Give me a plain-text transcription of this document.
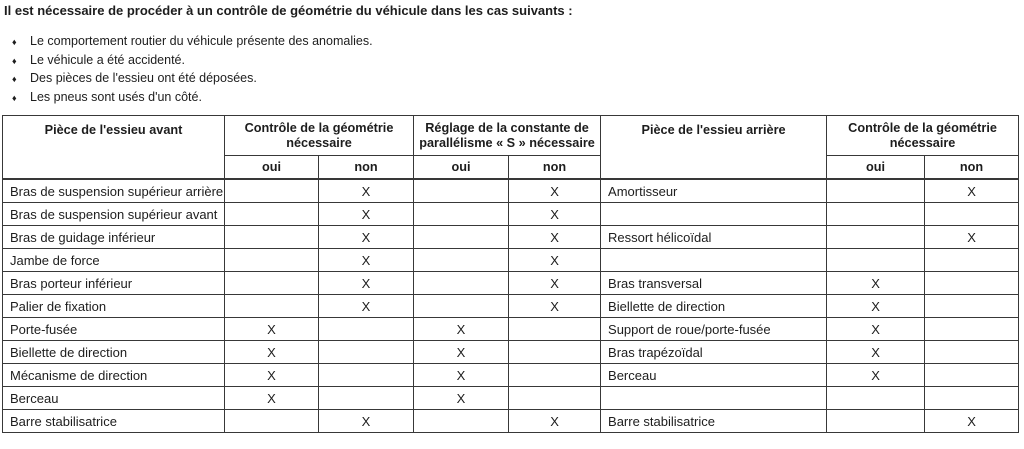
Il est nécessaire de procéder à un contrôle de géométrie du véhicule dans les cas suivants :

♦	Le comportement routier du véhicule présente des anomalies.
♦	Le véhicule a été accidenté.
♦	Des pièces de l'essieu ont été déposées.
♦	Les pneus sont usés d'un côté.
Pièce de l'essieu avant	Contrôle de la géométrie nécessaire		Réglage de la constante de parallélisme « S » nécessaire		Pièce de l'essieu arrière	Contrôle de la géométrie nécessaire	
	oui	non	oui	non		oui	non
Bras de suspension supérieur arrière		X		X	Amortisseur		X
Bras de suspension supérieur avant		X		X			
Bras de guidage inférieur		X		X	Ressort hélicoïdal		X
Jambe de force		X		X			
Bras porteur inférieur		X		X	Bras transversal	X	
Palier de fixation		X		X	Biellette de direction	X	
Porte-fusée	X		X		Support de roue/porte-fusée	X	
Biellette de direction	X		X		Bras trapézoïdal	X	
Mécanisme de direction	X		X		Berceau	X	
Berceau	X		X				
Barre stabilisatrice		X		X	Barre stabilisatrice		X
